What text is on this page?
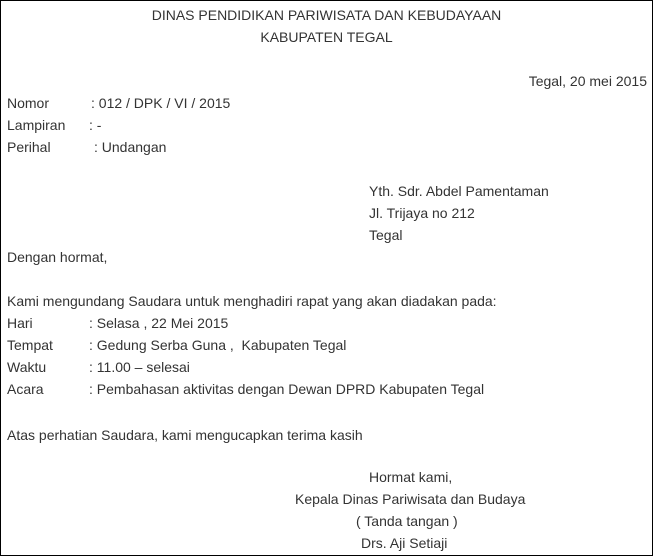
DINAS PENDIDIKAN PARIWISATA DAN KEBUDAYAAN
KABUPATEN TEGAL
Tegal, 20 mei 2015
Nomor	: 012 / DPK / VI / 2015
Lampiran : -
Perihal	: Undangan
Yth. Sdr. Abdel Pamentaman
Jl. Trijaya no 212
Tegal
Dengan hormat,
Kami mengundang Saudara untuk menghadiri rapat yang akan diadakan pada:
Hari	: Selasa , 22 Mei 2015
Tempat	: Gedung Serba Guna ,  Kabupaten Tegal
Waktu	: 11.00 – selesai
Acara	: Pembahasan aktivitas dengan Dewan DPRD Kabupaten Tegal
Atas perhatian Saudara, kami mengucapkan terima kasih
Hormat kami,
Kepala Dinas Pariwisata dan Budaya
( Tanda tangan )
Drs. Aji Setiaji
